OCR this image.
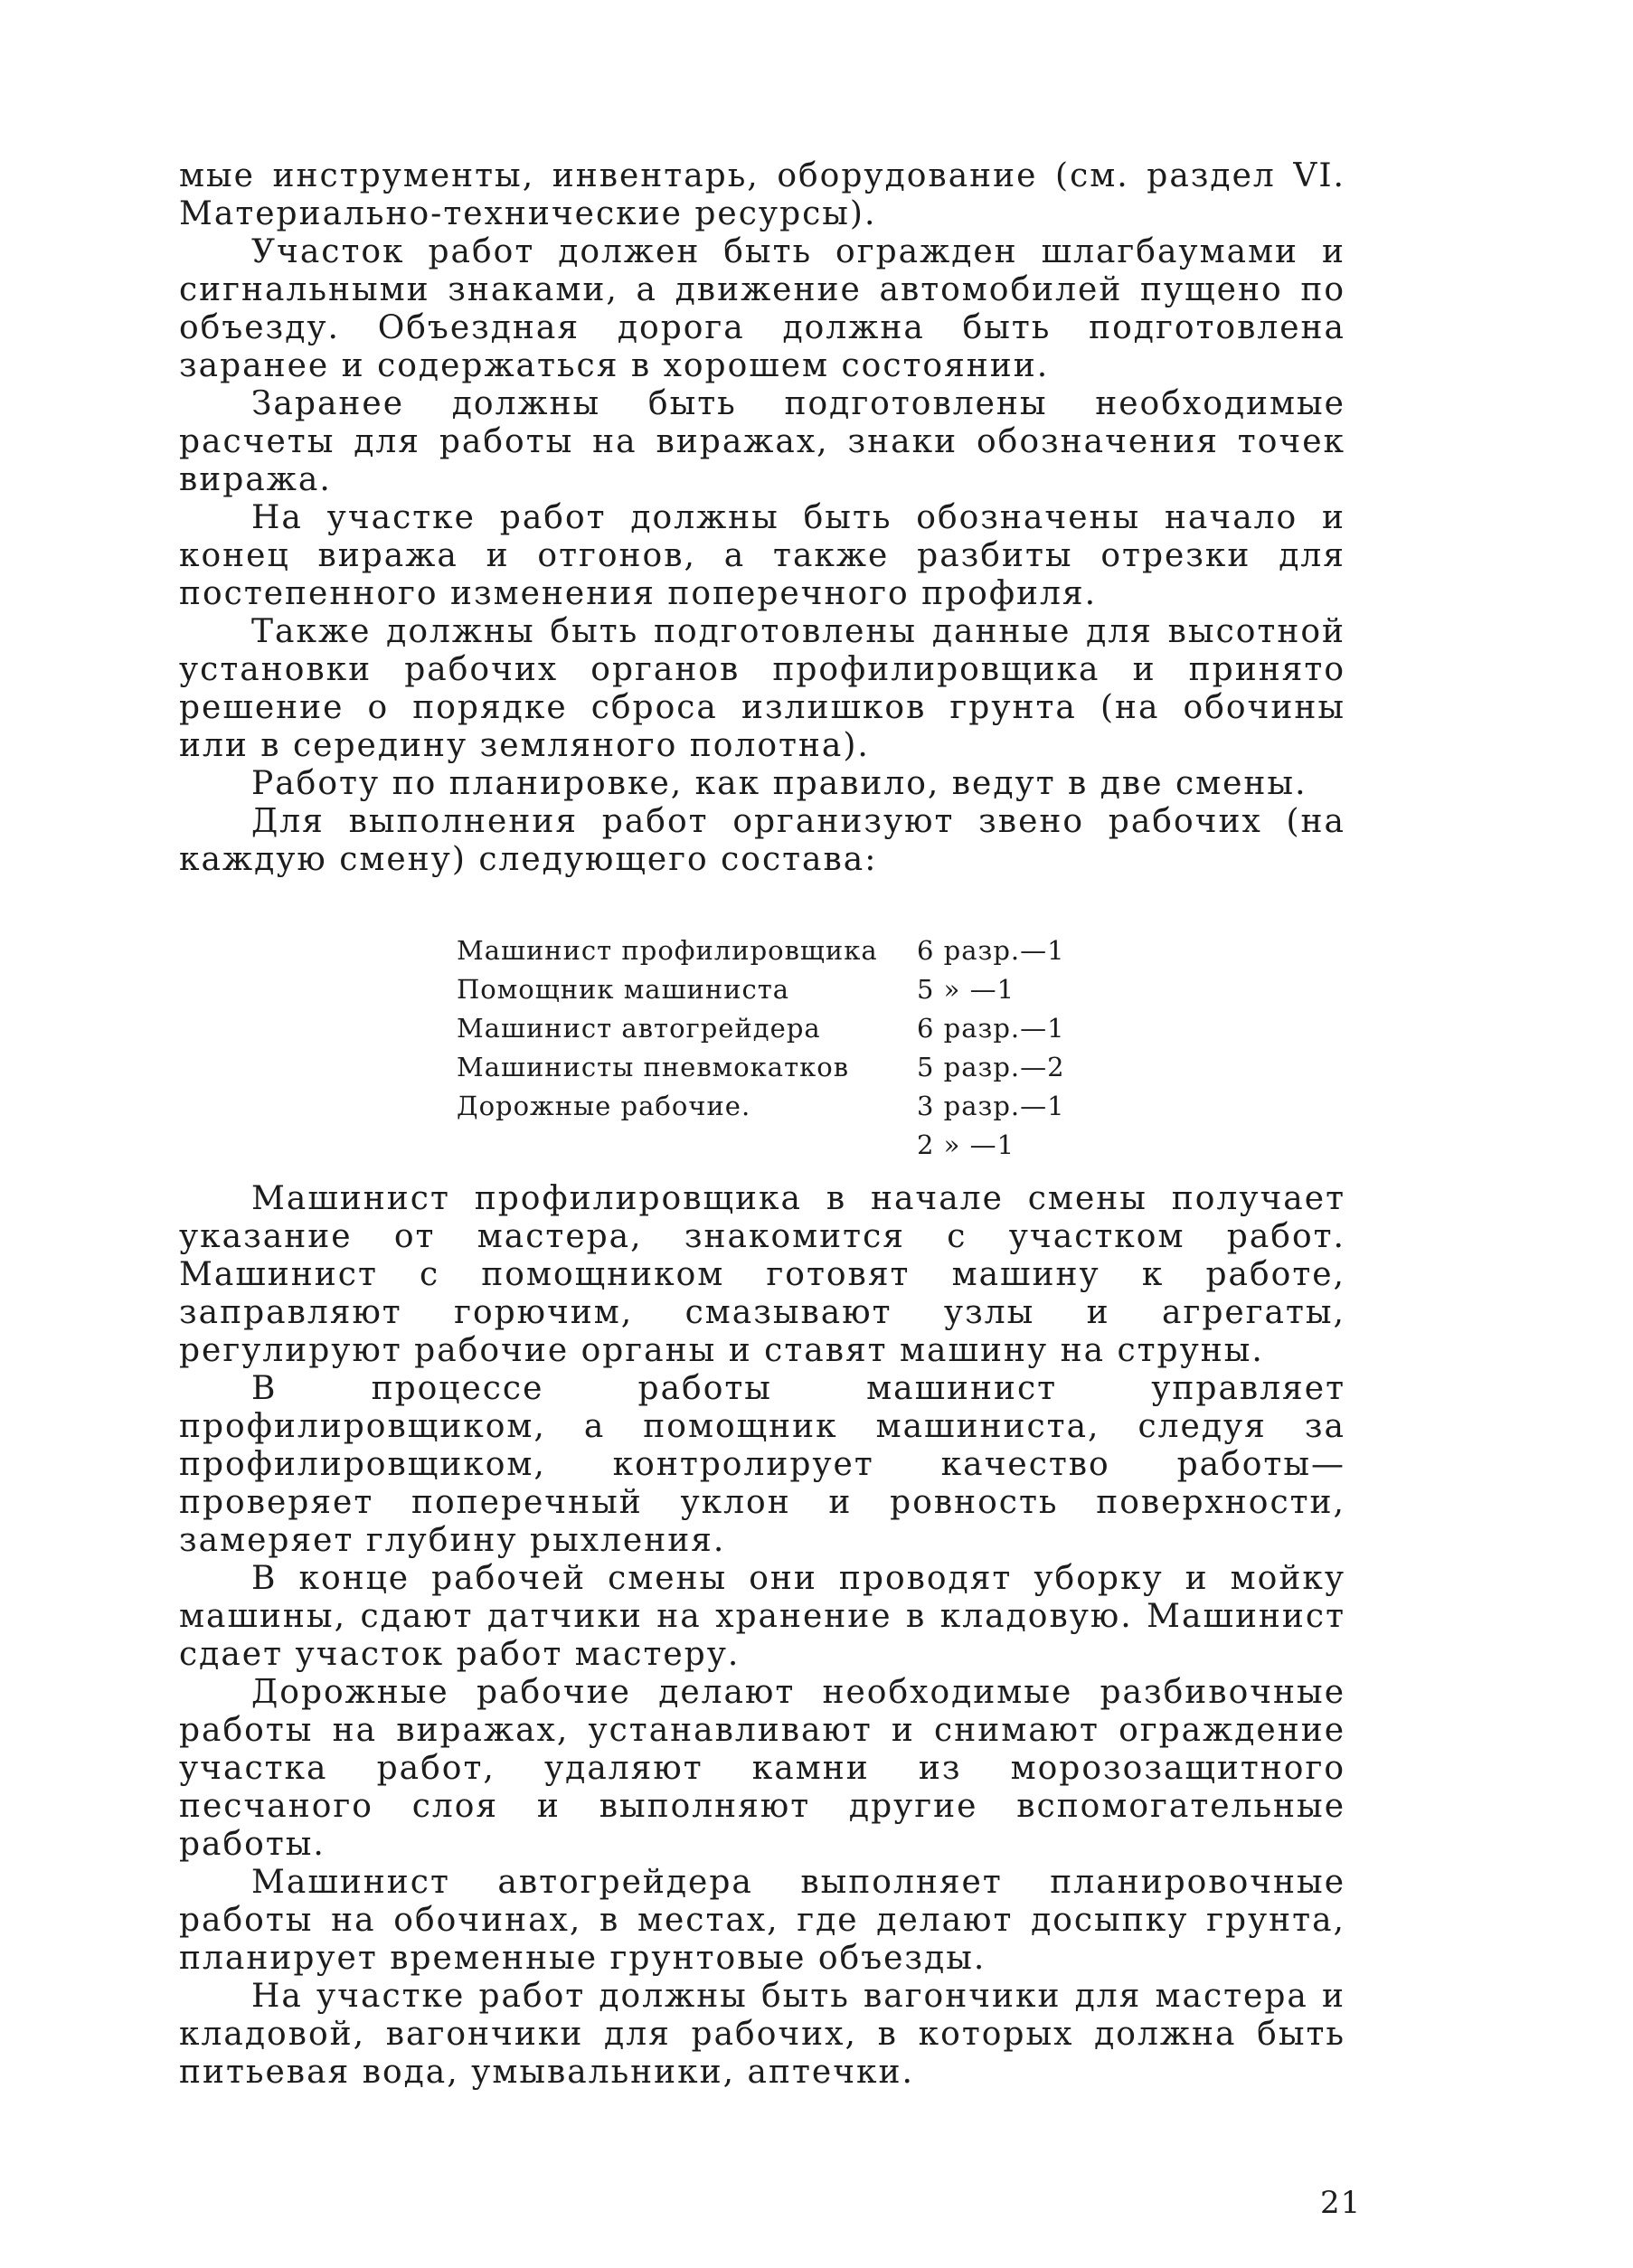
мые инструменты, инвентарь, оборудование (см. раздел VI. Материально-технические ресурсы).

Участок работ должен быть огражден шлагбаумами и сигнальными знаками, а движение автомобилей пущено по объезду. Объездная дорога должна быть подготовлена заранее и содержаться в хорошем состоянии.

Заранее должны быть подготовлены необходимые расчеты для работы на виражах, знаки обозначения точек виража.

На участке работ должны быть обозначены начало и конец виража и отгонов, а также разбиты отрезки для постепенного изменения поперечного профиля.

Также должны быть подготовлены данные для высотной установки рабочих органов профилировщика и принято решение о порядке сброса излишков грунта (на обочины или в середину земляного полотна).

Работу по планировке, как правило, ведут в две смены.

Для выполнения работ организуют звено рабочих (на каждую смену) следующего состава:

Машинист профилировщика	6 разр.—1
Помощник машиниста	5 » —1
Машинист автогрейдера	6 разр.—1
Машинисты пневмокатков	5 разр.—2
Дорожные рабочие.	3 разр.—1
	2 » —1

Машинист профилировщика в начале смены получает указание от мастера, знакомится с участком работ. Машинист с помощником готовят машину к работе, заправляют горючим, смазывают узлы и агрегаты, регулируют рабочие органы и ставят машину на струны.

В процессе работы машинист управляет профилировщиком, а помощник машиниста, следуя за профилировщиком, контролирует качество работы—проверяет поперечный уклон и ровность поверхности, замеряет глубину рыхления.

В конце рабочей смены они проводят уборку и мойку машины, сдают датчики на хранение в кладовую. Машинист сдает участок работ мастеру.

Дорожные рабочие делают необходимые разбивочные работы на виражах, устанавливают и снимают ограждение участка работ, удаляют камни из морозозащитного песчаного слоя и выполняют другие вспомогательные работы.

Машинист автогрейдера выполняет планировочные работы на обочинах, в местах, где делают досыпку грунта, планирует временные грунтовые объезды.

На участке работ должны быть вагончики для мастера и кладовой, вагончики для рабочих, в которых должна быть питьевая вода, умывальники, аптечки.

21
